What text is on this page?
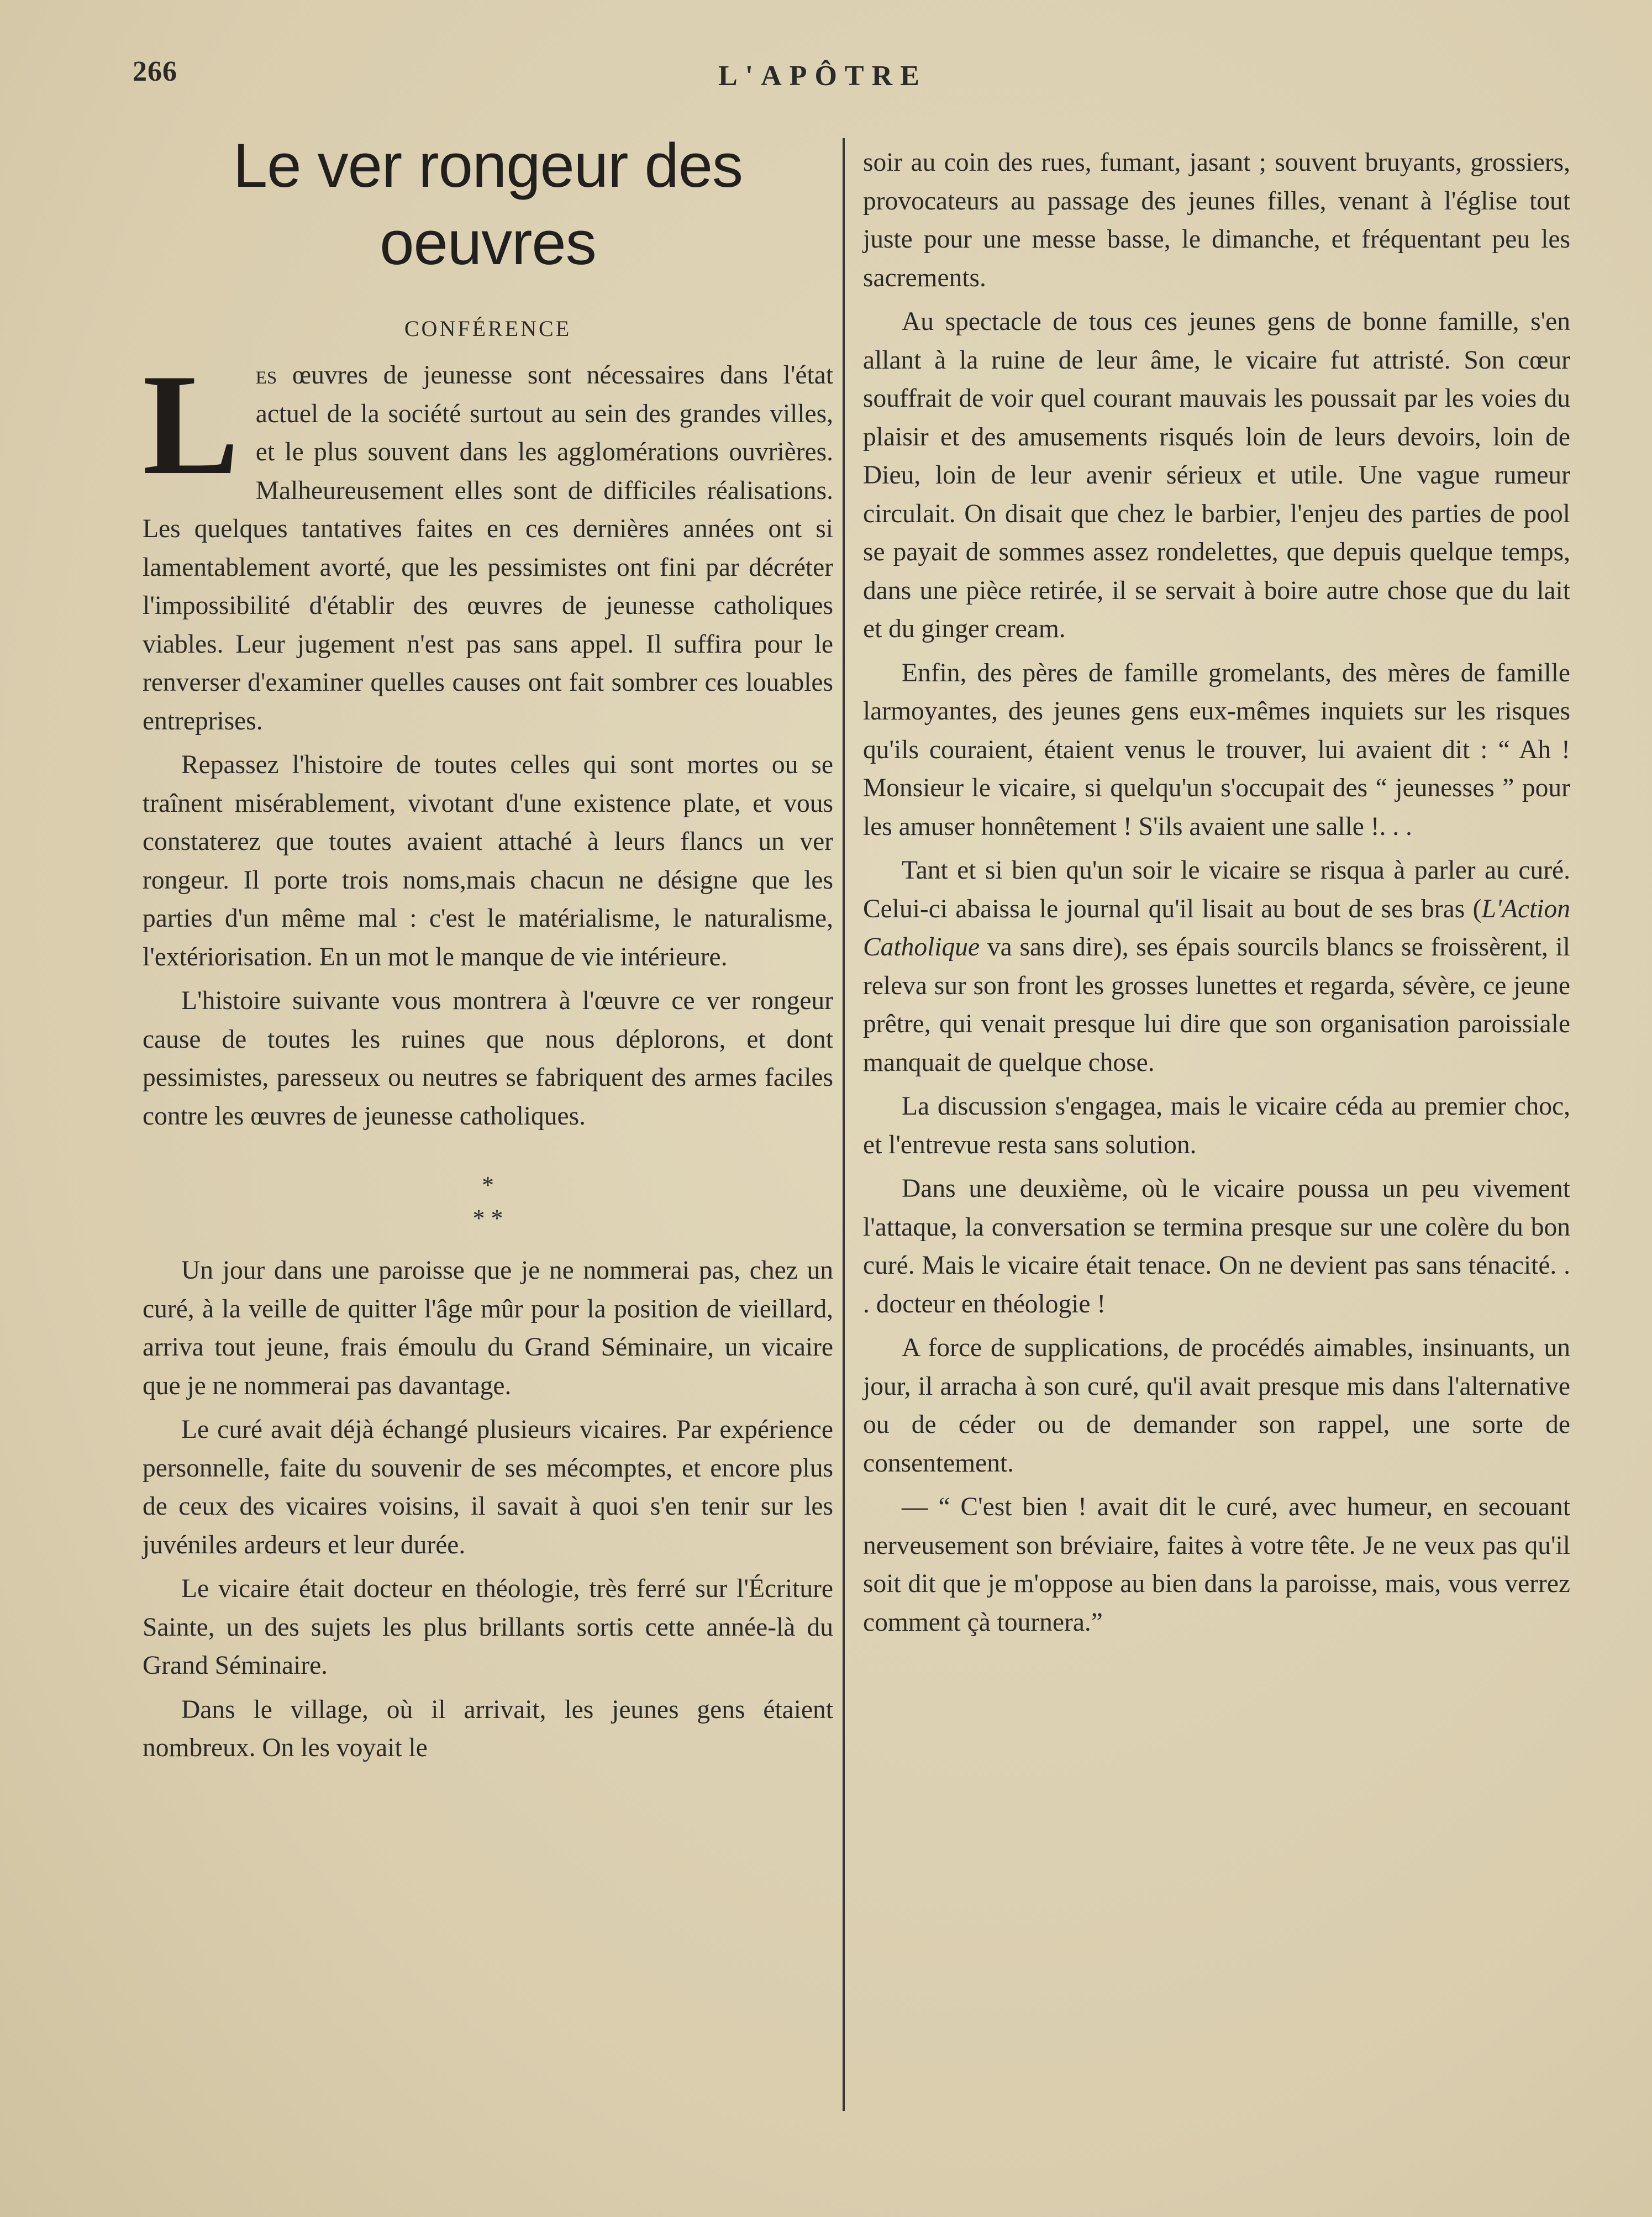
266	L'APÔTRE
Le ver rongeur des oeuvres
CONFÉRENCE

Les œuvres de jeunesse sont nécessaires dans l'état actuel de la société surtout au sein des grandes villes, et le plus souvent dans les agglomérations ouvrières. Malheureusement elles sont de difficiles réalisations. Les quelques tantatives faites en ces dernières années ont si lamentablement avorté, que les pessimistes ont fini par décréter l'impossibilité d'établir des œuvres de jeunesse catholiques viables. Leur jugement n'est pas sans appel. Il suffira pour le renverser d'examiner quelles causes ont fait sombrer ces louables entreprises.

Repassez l'histoire de toutes celles qui sont mortes ou se traînent misérablement, vivotant d'une existence plate, et vous constaterez que toutes avaient attaché à leurs flancs un ver rongeur. Il porte trois noms,mais chacun ne désigne que les parties d'un même mal : c'est le matérialisme, le naturalisme, l'extériorisation. En un mot le manque de vie intérieure.

L'histoire suivante vous montrera à l'œuvre ce ver rongeur cause de toutes les ruines que nous déplorons, et dont pessimistes, paresseux ou neutres se fabriquent des armes faciles contre les œuvres de jeunesse catholiques.

*
* *

Un jour dans une paroisse que je ne nommerai pas, chez un curé, à la veille de quitter l'âge mûr pour la position de vieillard, arriva tout jeune, frais émoulu du Grand Séminaire, un vicaire que je ne nommerai pas davantage.

Le curé avait déjà échangé plusieurs vicaires. Par expérience personnelle, faite du souvenir de ses mécomptes, et encore plus de ceux des vicaires voisins, il savait à quoi s'en tenir sur les juvéniles ardeurs et leur durée.

Le vicaire était docteur en théologie, très ferré sur l'Écriture Sainte, un des sujets les plus brillants sortis cette année-là du Grand Séminaire.

Dans le village, où il arrivait, les jeunes gens étaient nombreux. On les voyait le

soir au coin des rues, fumant, jasant ; souvent bruyants, grossiers, provocateurs au passage des jeunes filles, venant à l'église tout juste pour une messe basse, le dimanche, et fréquentant peu les sacrements.

Au spectacle de tous ces jeunes gens de bonne famille, s'en allant à la ruine de leur âme, le vicaire fut attristé. Son cœur souffrait de voir quel courant mauvais les poussait par les voies du plaisir et des amusements risqués loin de leurs devoirs, loin de Dieu, loin de leur avenir sérieux et utile. Une vague rumeur circulait. On disait que chez le barbier, l'enjeu des parties de pool se payait de sommes assez rondelettes, que depuis quelque temps, dans une pièce retirée, il se servait à boire autre chose que du lait et du ginger cream.

Enfin, des pères de famille gromelants, des mères de famille larmoyantes, des jeunes gens eux-mêmes inquiets sur les risques qu'ils couraient, étaient venus le trouver, lui avaient dit : “ Ah ! Monsieur le vicaire, si quelqu'un s'occupait des “ jeunesses ” pour les amuser honnêtement ! S'ils avaient une salle !. . .

Tant et si bien qu'un soir le vicaire se risqua à parler au curé. Celui-ci abaissa le journal qu'il lisait au bout de ses bras (L'Action Catholique va sans dire), ses épais sourcils blancs se froissèrent, il releva sur son front les grosses lunettes et regarda, sévère, ce jeune prêtre, qui venait presque lui dire que son organisation paroissiale manquait de quelque chose.

La discussion s'engagea, mais le vicaire céda au premier choc, et l'entrevue resta sans solution.

Dans une deuxième, où le vicaire poussa un peu vivement l'attaque, la conversation se termina presque sur une colère du bon curé. Mais le vicaire était tenace. On ne devient pas sans ténacité. . . docteur en théologie !

A force de supplications, de procédés aimables, insinuants, un jour, il arracha à son curé, qu'il avait presque mis dans l'alternative ou de céder ou de demander son rappel, une sorte de consentement.

— “ C'est bien ! avait dit le curé, avec humeur, en secouant nerveusement son bréviaire, faites à votre tête. Je ne veux pas qu'il soit dit que je m'oppose au bien dans la paroisse, mais, vous verrez comment çà tournera.”
